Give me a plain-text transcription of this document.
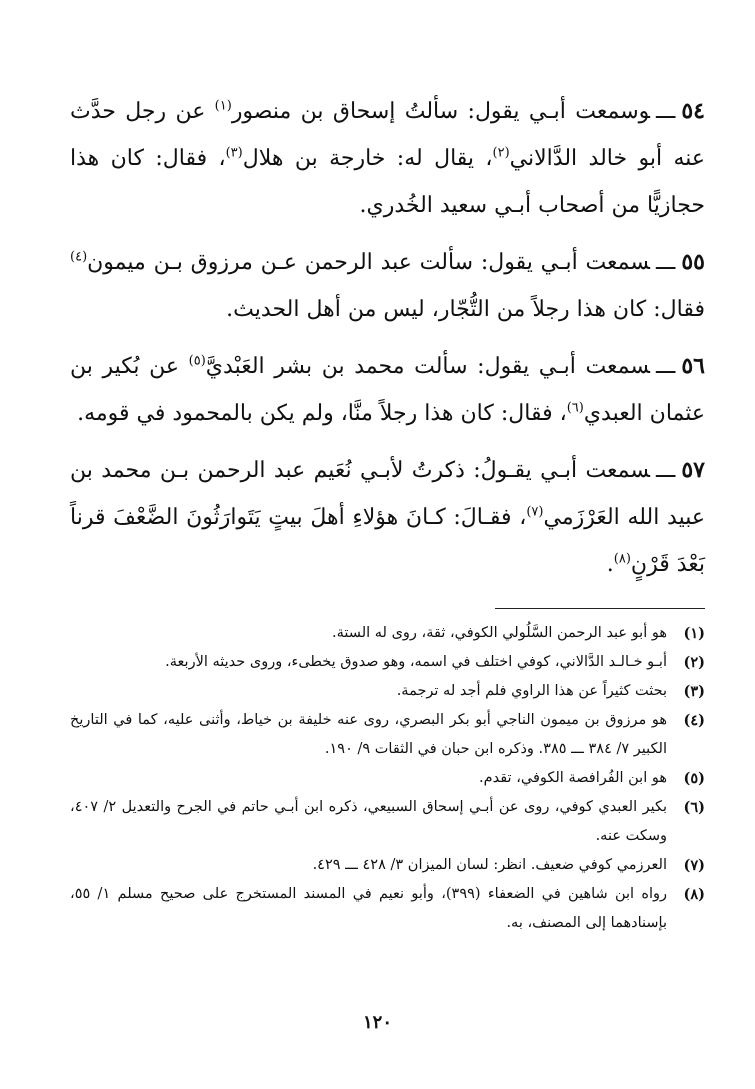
٥٤ـــوسمعت أبـي يقول: سألتُ إسحاق بن منصور$^{(١)}$ عن رجل حدَّث عنه أبو خالد الدَّالاني$^{(٢)}$، يقال له: خارجة بن هلال$^{(٣)}$، فقال: كان هذا حجازيًّا من أصحاب أبـي سعيد الخُدري.

٥٥ـــسمعت أبـي يقول: سألت عبد الرحمن عـن مرزوق بـن ميمون$^{(٤)}$ فقال: كان هذا رجلاً من التُّجّار، ليس من أهل الحديث.

٥٦ـــسمعت أبـي يقول: سألت محمد بن بشر العَبْديَّ$^{(٥)}$ عن بُكير بن عثمان العبدي$^{(٦)}$، فقال: كان هذا رجلاً منَّا، ولم يكن بالمحمود في قومه.

٥٧ـــسمعت أبـي يقـولُ: ذكرتُ لأبـي نُعَيم عبد الرحمن بـن محمد بن عبيد الله العَرْزَمي$^{(٧)}$، فقـالَ: كـانَ هؤلاءِ أهلَ بيتٍ يَتَوارَثُونَ الضَّعْفَ قرناً بَعْدَ قَرْنٍ$^{(٨)}$.

(١)
هو أبو عبد الرحمن السَّلُولي الكوفي، ثقة، روى له الستة.
(٢)
أبـو خـالـد الدَّالاني، كوفي اختلف في اسمه، وهو صدوق يخطىء، وروى حديثه الأربعة.
(٣)
بحثت كثيراً عن هذا الراوي فلم أجد له ترجمة.
(٤)
هو مرزوق بن ميمون الناجي أبو بكر البصري، روى عنه خليفة بن خياط، وأثنى عليه، كما في التاريخ الكبير ٧/ ٣٨٤ ـــ ٣٨٥. وذكره ابن حبان في الثقات ٩/ ١٩٠.
(٥)
هو ابن الفُرافصة الكوفي، تقدم.
(٦)
بكير العبدي كوفي، روى عن أبـي إسحاق السبيعي، ذكره ابن أبـي حاتم في الجرح والتعديل ٢/ ٤٠٧، وسكت عنه.
(٧)
العرزمي كوفي ضعيف. انظر: لسان الميزان ٣/ ٤٢٨ ـــ ٤٢٩.
(٨)
رواه ابن شاهين في الضعفاء (٣٩٩)، وأبو نعيم في المسند المستخرج على صحيح مسلم ١/ ٥٥، بإسنادهما إلى المصنف، به.
١٢٠
